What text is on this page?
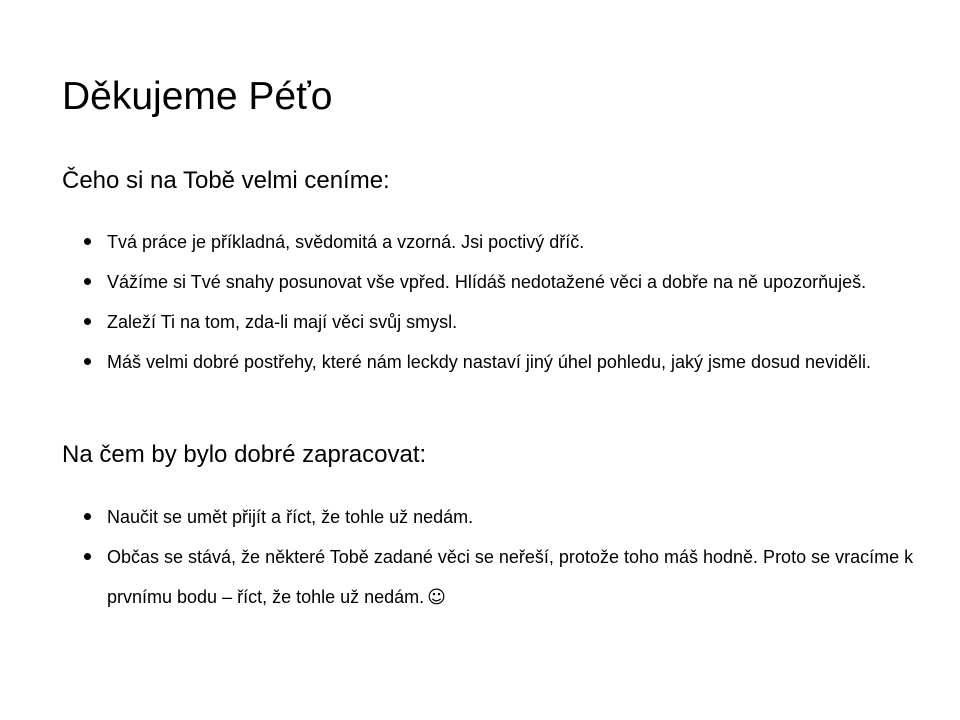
Děkujeme Péťo
Čeho si na Tobě velmi ceníme:
Tvá práce je příkladná, svědomitá a vzorná. Jsi poctivý dříč.
Vážíme si Tvé snahy posunovat vše vpřed. Hlídáš nedotažené věci a dobře na ně upozorňuješ.
Zaleží Ti na tom, zda-li mají věci svůj smysl.
Máš velmi dobré postřehy, které nám leckdy nastaví jiný úhel pohledu, jaký jsme dosud neviděli.
Na čem by bylo dobré zapracovat:
Naučit se umět přijít a říct, že tohle už nedám.
Občas se stává, že některé Tobě zadané věci se neřeší, protože toho máš hodně. Proto se vracíme k prvnímu bodu – říct, že tohle už nedám. ☺
